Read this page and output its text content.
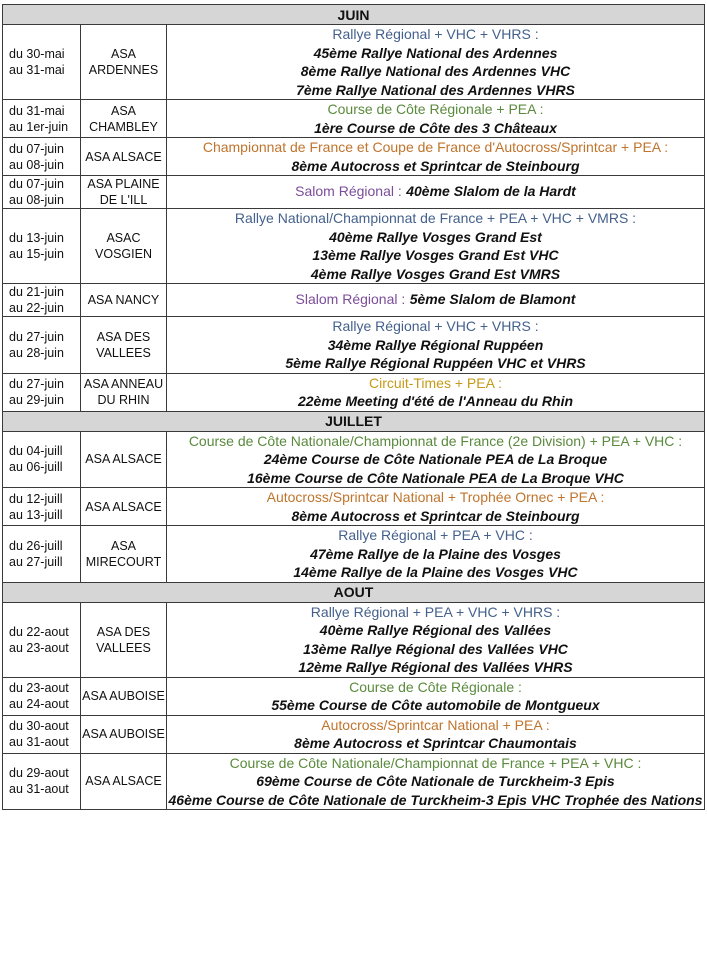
JUIN		

du 30-mai
au 31-mai	ASA
ARDENNES	Rallye Régional + VHC + VHRS :
45ème Rallye National des Ardennes
8ème Rallye National des Ardennes VHC
7ème Rallye National des Ardennes VHRS

du 31-mai
au 1er-juin	ASA
CHAMBLEY	Course de Côte Régionale + PEA :
1ère Course de Côte des 3 Châteaux

du 07-juin
au 08-juin	ASA ALSACE	Championnat de France et Coupe de France d'Autocross/Sprintcar + PEA :
8ème Autocross et Sprintcar de Steinbourg

du 07-juin
au 08-juin	ASA PLAINE
DE L'ILL	Salom Régional : 40ème Slalom de la Hardt

du 13-juin
au 15-juin	ASAC
VOSGIEN	Rallye National/Championnat de France + PEA + VHC + VMRS :
40ème Rallye Vosges Grand Est
13ème Rallye Vosges Grand Est VHC
4ème Rallye Vosges Grand Est VMRS

du 21-juin
au 22-juin	ASA NANCY	Slalom Régional : 5ème Slalom de Blamont

du 27-juin
au 28-juin	ASA DES
VALLEES	Rallye Régional + VHC + VHRS :
34ème Rallye Régional Ruppéen
5ème Rallye Régional Ruppéen VHC et VHRS

du 27-juin
au 29-juin	ASA ANNEAU
DU RHIN	Circuit-Times + PEA :
22ème Meeting d'été de l'Anneau du Rhin

JUILLET		

du 04-juill
au 06-juill	ASA ALSACE	Course de Côte Nationale/Championnat de France (2e Division) + PEA + VHC :
24ème Course de Côte Nationale PEA de La Broque
16ème Course de Côte Nationale PEA de La Broque VHC

du 12-juill
au 13-juill	ASA ALSACE	Autocross/Sprintcar National + Trophée Ornec + PEA :
8ème Autocross et Sprintcar de Steinbourg

du 26-juill
au 27-juill	ASA
MIRECOURT	Rallye Régional + PEA + VHC :
47ème Rallye de la Plaine des Vosges
14ème Rallye de la Plaine des Vosges VHC

AOUT		

du 22-aout
au 23-aout	ASA DES
VALLEES	Rallye Régional + PEA + VHC + VHRS :
40ème Rallye Régional des Vallées
13ème Rallye Régional des Vallées VHC
12ème Rallye Régional des Vallées VHRS

du 23-aout
au 24-aout	ASA AUBOISE	Course de Côte Régionale :
55ème Course de Côte automobile de Montgueux

du 30-aout
au 31-aout	ASA AUBOISE	Autocross/Sprintcar National + PEA :
8ème Autocross et Sprintcar Chaumontais

du 29-aout
au 31-aout	ASA ALSACE	Course de Côte Nationale/Championnat de France + PEA + VHC :
69ème Course de Côte Nationale de Turckheim-3 Epis
46ème Course de Côte Nationale de Turckheim-3 Epis VHC Trophée des Nations
